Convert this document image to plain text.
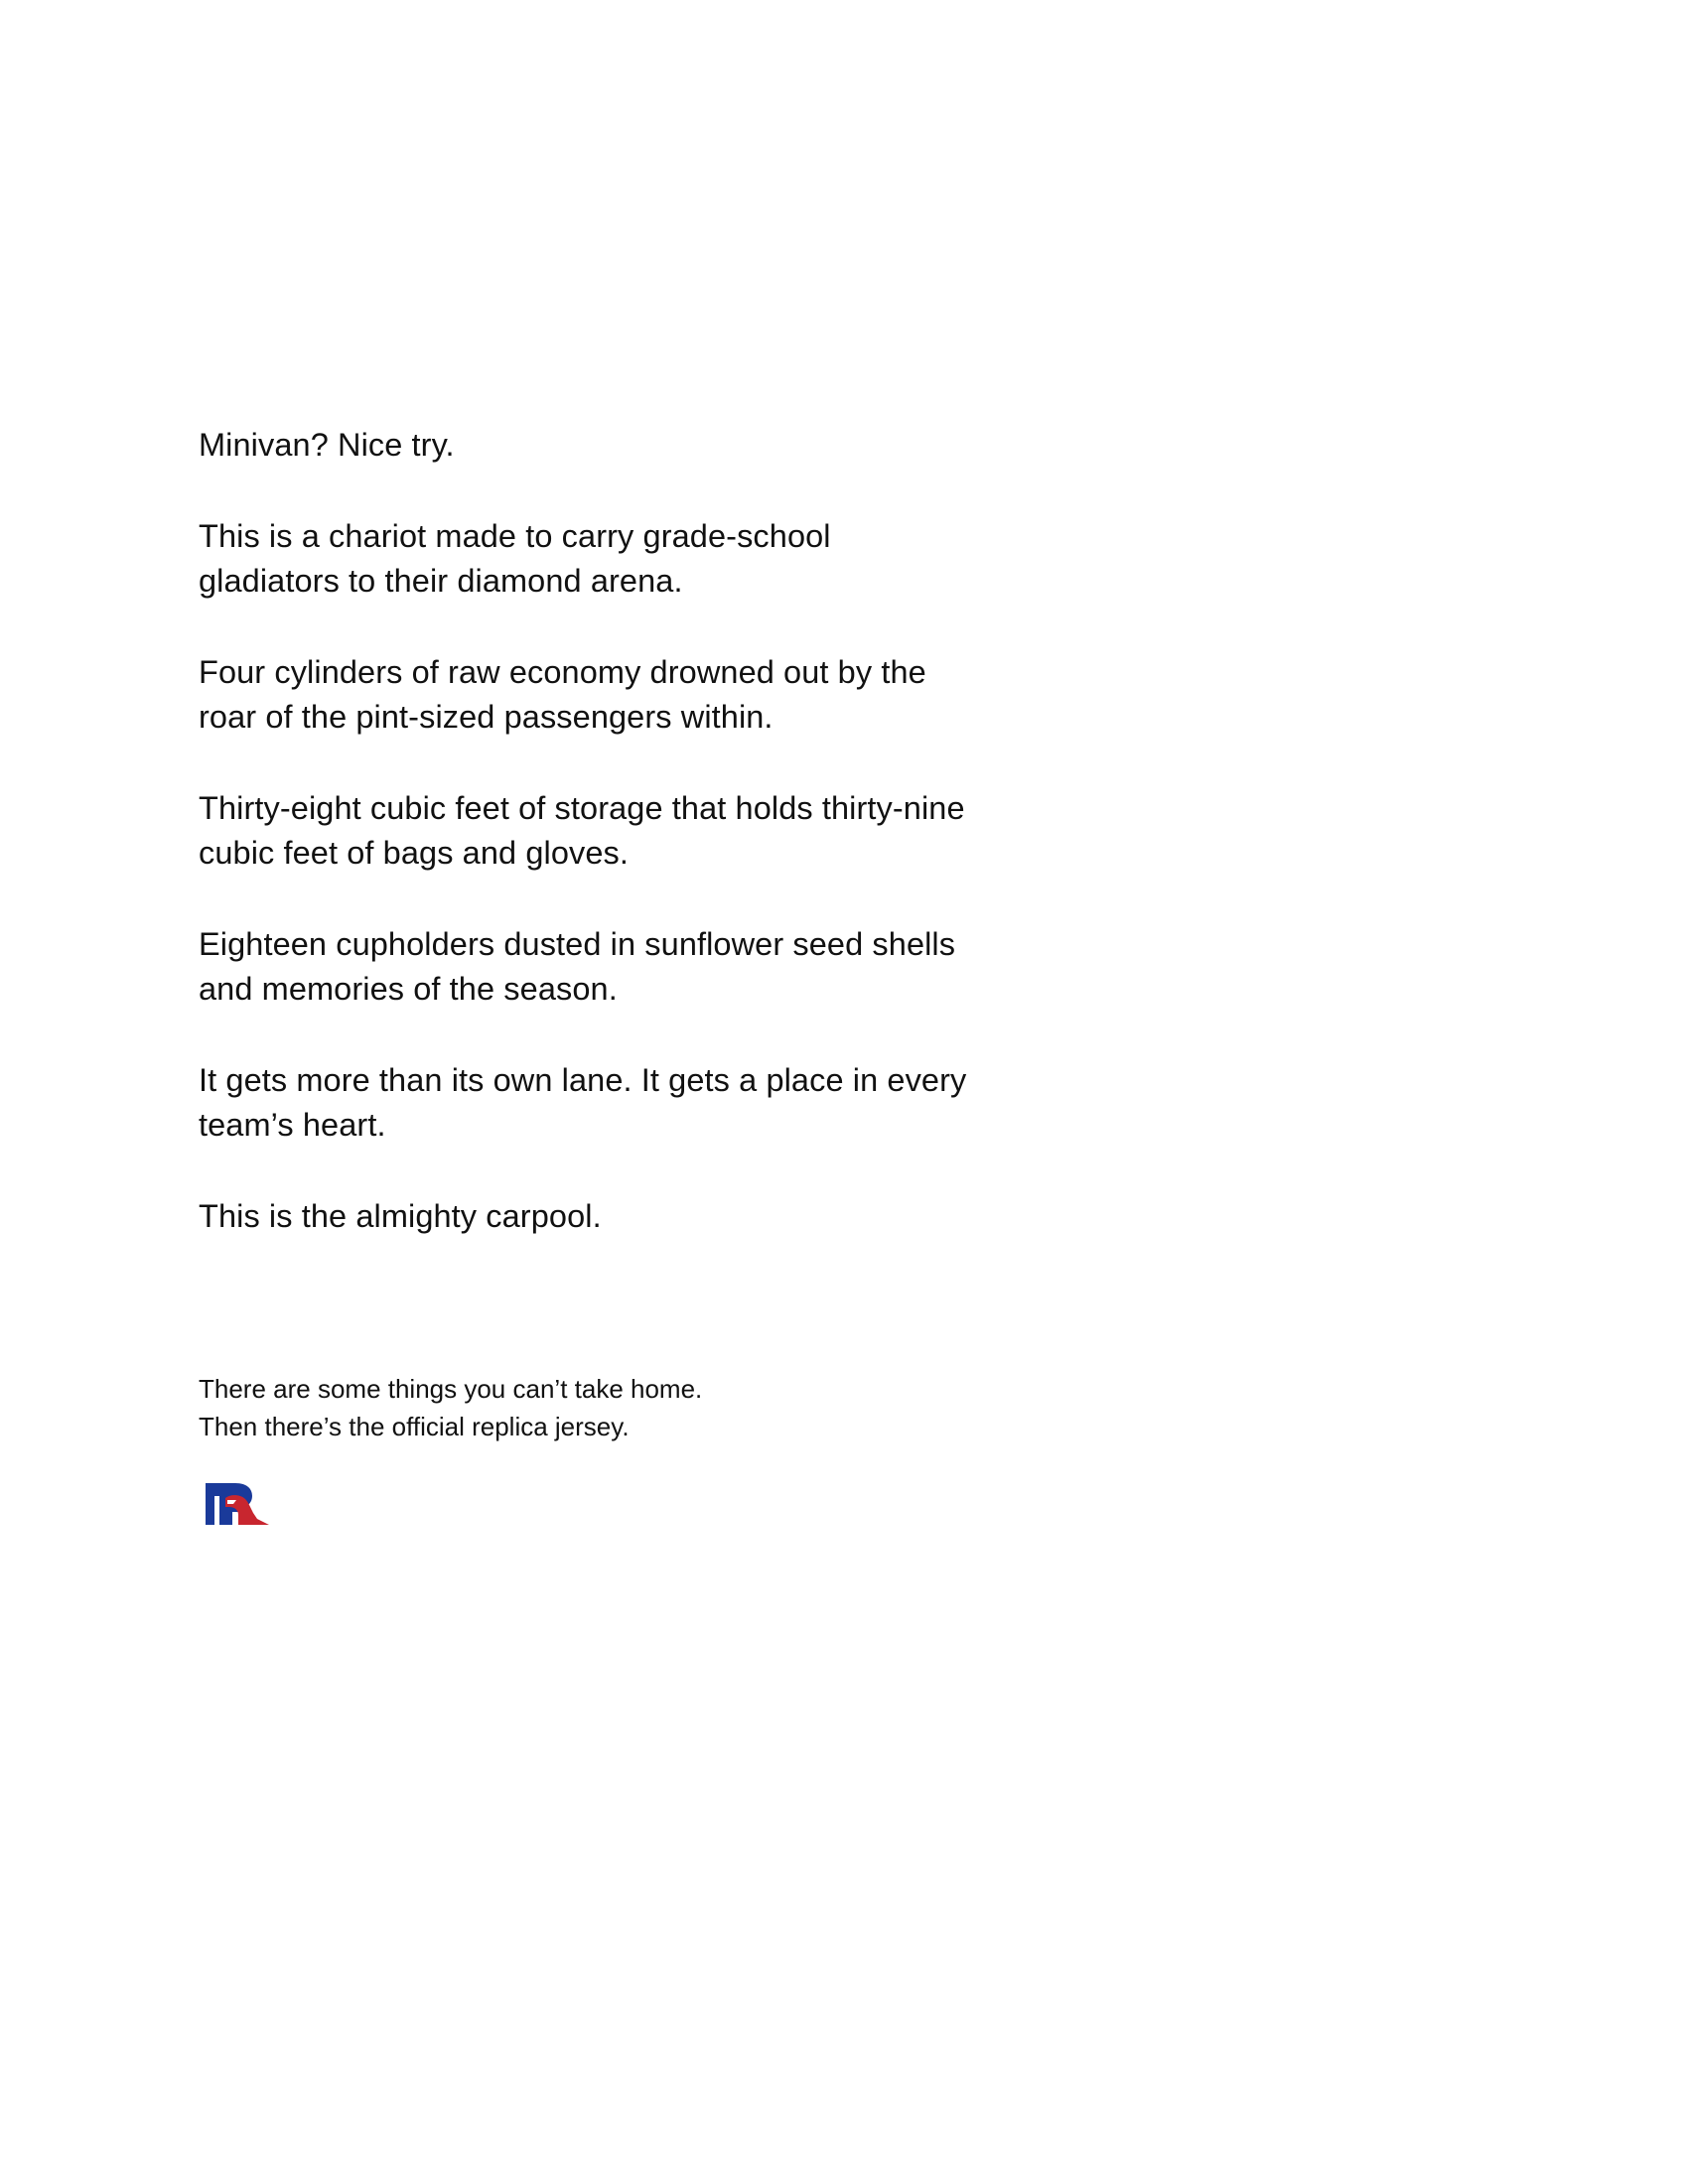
Minivan? Nice try.

This is a chariot made to carry grade-school
gladiators to their diamond arena.

Four cylinders of raw economy drowned out by the
roar of the pint-sized passengers within.

Thirty-eight cubic feet of storage that holds thirty-nine
cubic feet of bags and gloves.

Eighteen cupholders dusted in sunflower seed shells
and memories of the season.

It gets more than its own lane. It gets a place in every
team’s heart.

This is the almighty carpool.

There are some things you can’t take home.
Then there’s the official replica jersey.
